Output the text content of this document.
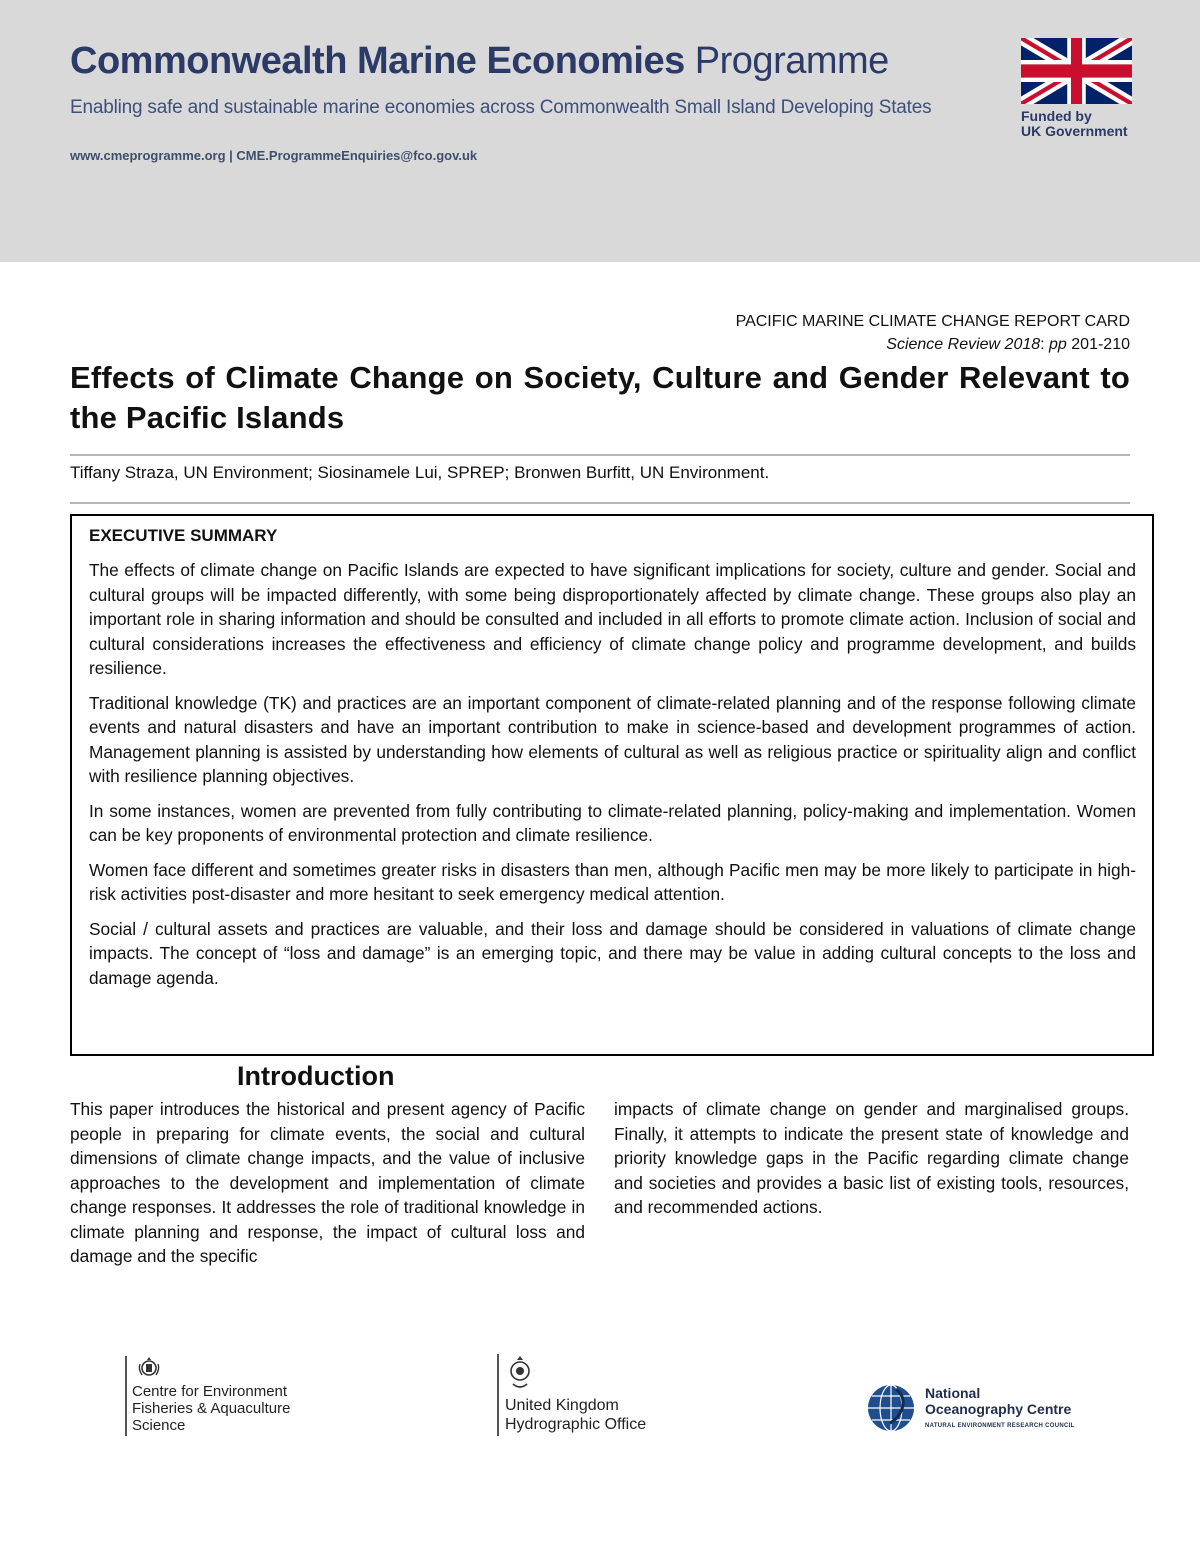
Commonwealth Marine Economies Programme
Enabling safe and sustainable marine economies across Commonwealth Small Island Developing States
www.cmeprogramme.org | CME.ProgrammeEnquiries@fco.gov.uk
Funded by
UK Government
PACIFIC MARINE CLIMATE CHANGE REPORT CARD
Science Review 2018: pp 201-210
Effects of Climate Change on Society, Culture and Gender Relevant to the Pacific Islands
Tiffany Straza, UN Environment; Siosinamele Lui, SPREP; Bronwen Burfitt, UN Environment.
EXECUTIVE SUMMARY

The effects of climate change on Pacific Islands are expected to have significant implications for society, culture and gender. Social and cultural groups will be impacted differently, with some being disproportionately affected by climate change. These groups also play an important role in sharing information and should be consulted and included in all efforts to promote climate action. Inclusion of social and cultural considerations increases the effectiveness and efficiency of climate change policy and programme development, and builds resilience.

Traditional knowledge (TK) and practices are an important component of climate-related planning and of the response following climate events and natural disasters and have an important contribution to make in science-based and development programmes of action. Management planning is assisted by understanding how elements of cultural as well as religious practice or spirituality align and conflict with resilience planning objectives.

In some instances, women are prevented from fully contributing to climate-related planning, policy-making and implementation. Women can be key proponents of environmental protection and climate resilience.

Women face different and sometimes greater risks in disasters than men, although Pacific men may be more likely to participate in high-risk activities post-disaster and more hesitant to seek emergency medical attention.

Social / cultural assets and practices are valuable, and their loss and damage should be considered in valuations of climate change impacts. The concept of “loss and damage” is an emerging topic, and there may be value in adding cultural concepts to the loss and damage agenda.

Introduction

This paper introduces the historical and present agency of Pacific people in preparing for climate events, the social and cultural dimensions of climate change impacts, and the value of inclusive approaches to the development and implementation of climate change responses. It addresses the role of traditional knowledge in climate planning and response, the impact of cultural loss and damage and the specific

impacts of climate change on gender and marginalised groups. Finally, it attempts to indicate the present state of knowledge and priority knowledge gaps in the Pacific regarding climate change and societies and provides a basic list of existing tools, resources, and recommended actions.

Centre for Environment
Fisheries & Aquaculture
Science
United Kingdom
Hydrographic Office
National
Oceanography Centre
NATURAL ENVIRONMENT RESEARCH COUNCIL
